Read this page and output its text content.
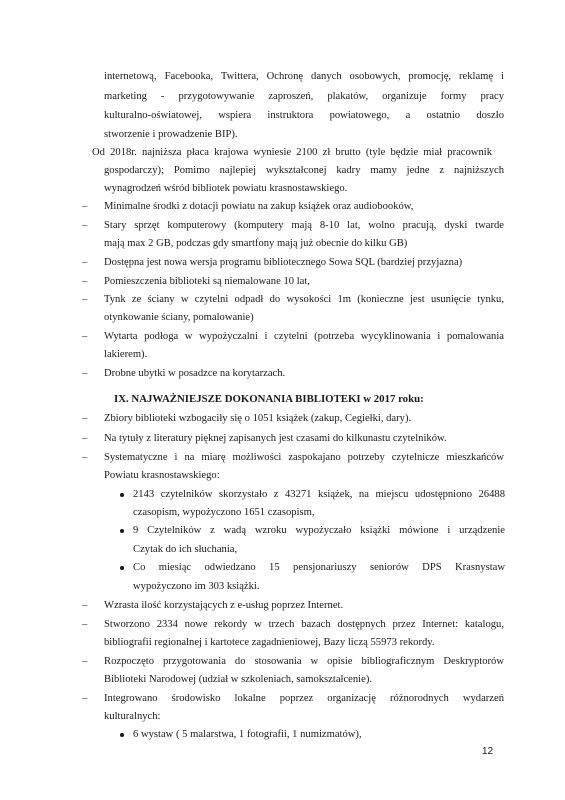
internetową, Facebooka, Twittera, Ochronę danych osobowych, promocję, reklamę i
marketing - przygotowywanie zaproszeń, plakatów, organizuje formy pracy
kulturalno-oświatowej, wspiera instruktora powiatowego, a ostatnio doszło
stworzenie i prowadzenie BIP).
Od 2018r. najniższa płaca krajowa wyniesie 2100 zł brutto (tyle będzie miał pracownik
gospodarczy); Pomimo najlepiej wykształconej kadry mamy jedne z najniższych
wynagrodzeń wśród bibliotek powiatu krasnostawskiego.
– Minimalne środki z dotacji powiatu na zakup książek oraz audiobooków,
– Stary sprzęt komputerowy (komputery mają 8-10 lat, wolno pracują, dyski twarde
mają max 2 GB, podczas gdy smartfony mają już obecnie do kilku GB)
– Dostępna jest nowa wersja programu bibliotecznego Sowa SQL (bardziej przyjazna)
– Pomieszczenia biblioteki są niemalowane 10 lat,
– Tynk ze ściany w czytelni odpadł do wysokości 1m (konieczne jest usunięcie tynku,
otynkowanie ściany, pomalowanie)
– Wytarta podłoga w wypożyczalni i czytelni (potrzeba wycyklinowania i pomalowania
lakierem).
– Drobne ubytki w posadzce na korytarzach.
IX. NAJWAŻNIEJSZE DOKONANIA BIBLIOTEKI w 2017 roku:
– Zbiory biblioteki wzbogaciły się o 1051 książek (zakup, Cegiełki, dary).
– Na tytuły z literatury pięknej zapisanych jest czasami do kilkunastu czytelników.
– Systematyczne i na miarę możliwości zaspokajano potrzeby czytelnicze mieszkańców
Powiatu krasnostawskiego:
2143 czytelników skorzystało z 43271 książek, na miejscu udostępniono 26488
czasopism, wypożyczono 1651 czasopism,
9 Czytelników z wadą wzroku wypożyczało książki mówione i urządzenie
Czytak do ich słuchania,
Co miesiąc odwiedzano 15 pensjonariuszy seniorów DPS Krasnystaw
wypożyczono im 303 książki.
– Wzrasta ilość korzystających z e-usług poprzez Internet.
– Stworzono 2334 nowe rekordy w trzech bazach dostępnych przez Internet: katalogu,
bibliografii regionalnej i kartotece zagadnieniowej, Bazy liczą 55973 rekordy.
– Rozpoczęto przygotowania do stosowania w opisie bibliograficznym Deskryptorów
Biblioteki Narodowej (udział w szkoleniach, samokształcenie).
– Integrowano środowisko lokalne poprzez organizację różnorodnych wydarzeń
kulturalnych:
6 wystaw ( 5 malarstwa, 1 fotografii, 1 numizmatów),
12
